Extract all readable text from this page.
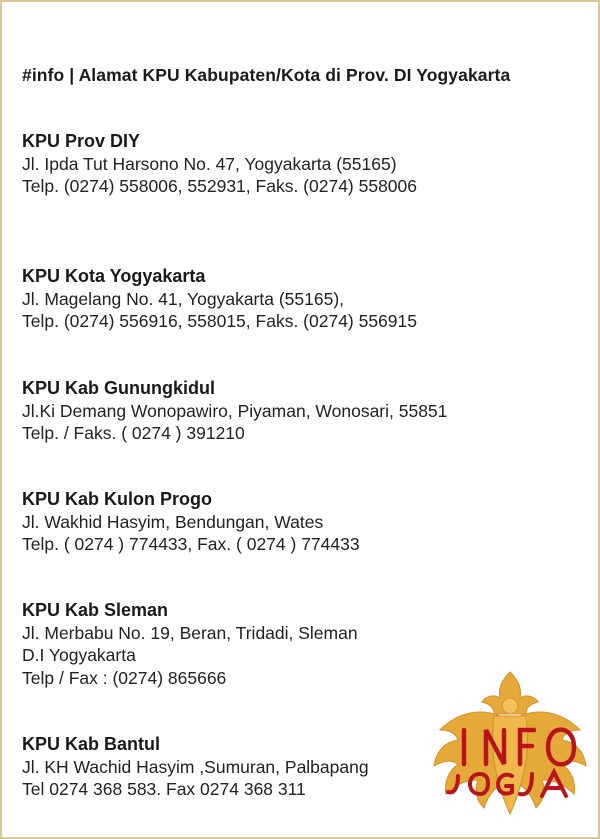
#info | Alamat KPU Kabupaten/Kota di Prov. DI Yogyakarta
KPU Prov DIY
Jl. Ipda Tut Harsono No. 47, Yogyakarta (55165)
Telp. (0274) 558006, 552931, Faks. (0274) 558006
KPU Kota Yogyakarta
Jl. Magelang No. 41, Yogyakarta (55165),
Telp. (0274) 556916, 558015, Faks. (0274) 556915
KPU Kab Gunungkidul
Jl.Ki Demang Wonopawiro, Piyaman, Wonosari, 55851
Telp. / Faks. ( 0274 ) 391210
KPU Kab Kulon Progo
Jl. Wakhid Hasyim, Bendungan, Wates
Telp. ( 0274 ) 774433, Fax. ( 0274 ) 774433
KPU Kab Sleman
Jl. Merbabu No. 19, Beran, Tridadi, Sleman
D.I Yogyakarta
Telp / Fax : (0274) 865666
KPU Kab Bantul
Jl. KH Wachid Hasyim ,Sumuran, Palbapang
Tel 0274 368 583. Fax 0274 368 311
